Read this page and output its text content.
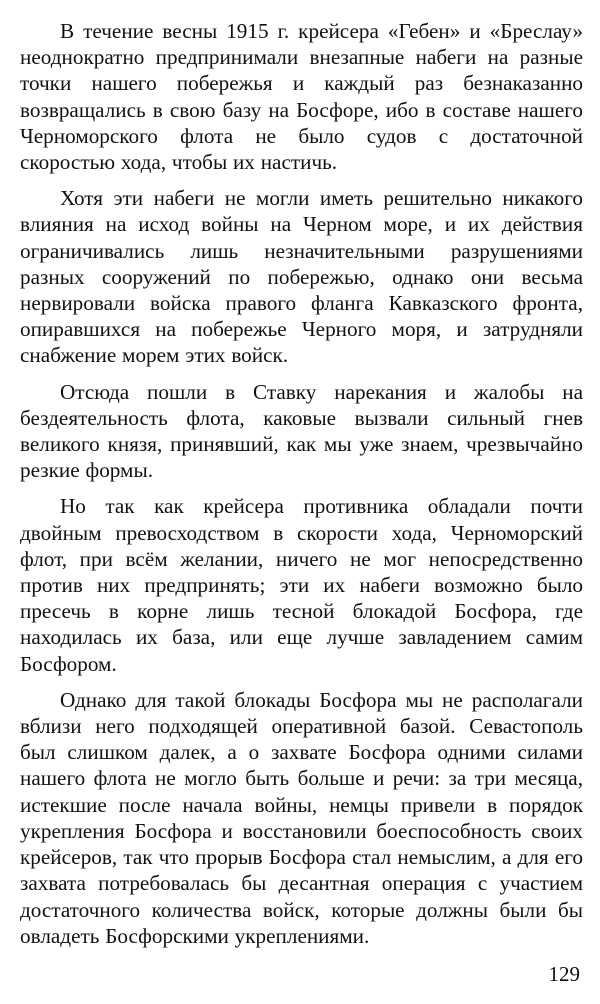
В течение весны 1915 г. крейсера «Гебен» и «Бреслау» неоднократно предпринимали внезапные набеги на разные точки нашего побережья и каждый раз безнаказанно возвращались в свою базу на Босфоре, ибо в составе нашего Черноморского флота не было судов с достаточной скоростью хода, чтобы их настичь.

Хотя эти набеги не могли иметь решительно никакого влияния на исход войны на Черном море, и их действия ограничивались лишь незначительными разрушениями разных сооружений по побережью, однако они весьма нервировали войска правого фланга Кавказского фронта, опиравшихся на побережье Черного моря, и затрудняли снабжение морем этих войск.

Отсюда пошли в Ставку нарекания и жалобы на бездеятельность флота, каковые вызвали сильный гнев великого князя, принявший, как мы уже знаем, чрезвычайно резкие формы.

Но так как крейсера противника обладали почти двойным превосходством в скорости хода, Черноморский флот, при всём желании, ничего не мог непосредственно против них предпринять; эти их набеги возможно было пресечь в корне лишь тесной блокадой Босфора, где находилась их база, или еще лучше завладением самим Босфором.

Однако для такой блокады Босфора мы не располагали вблизи него подходящей оперативной базой. Севастополь был слишком далек, а о захвате Босфора одними силами нашего флота не могло быть больше и речи: за три месяца, истекшие после начала войны, немцы привели в порядок укрепления Босфора и восстановили боеспособность своих крейсеров, так что прорыв Босфора стал немыслим, а для его захвата потребовалась бы десантная операция с участием достаточного количества войск, которые должны были бы овладеть Босфорскими укреплениями.

129
